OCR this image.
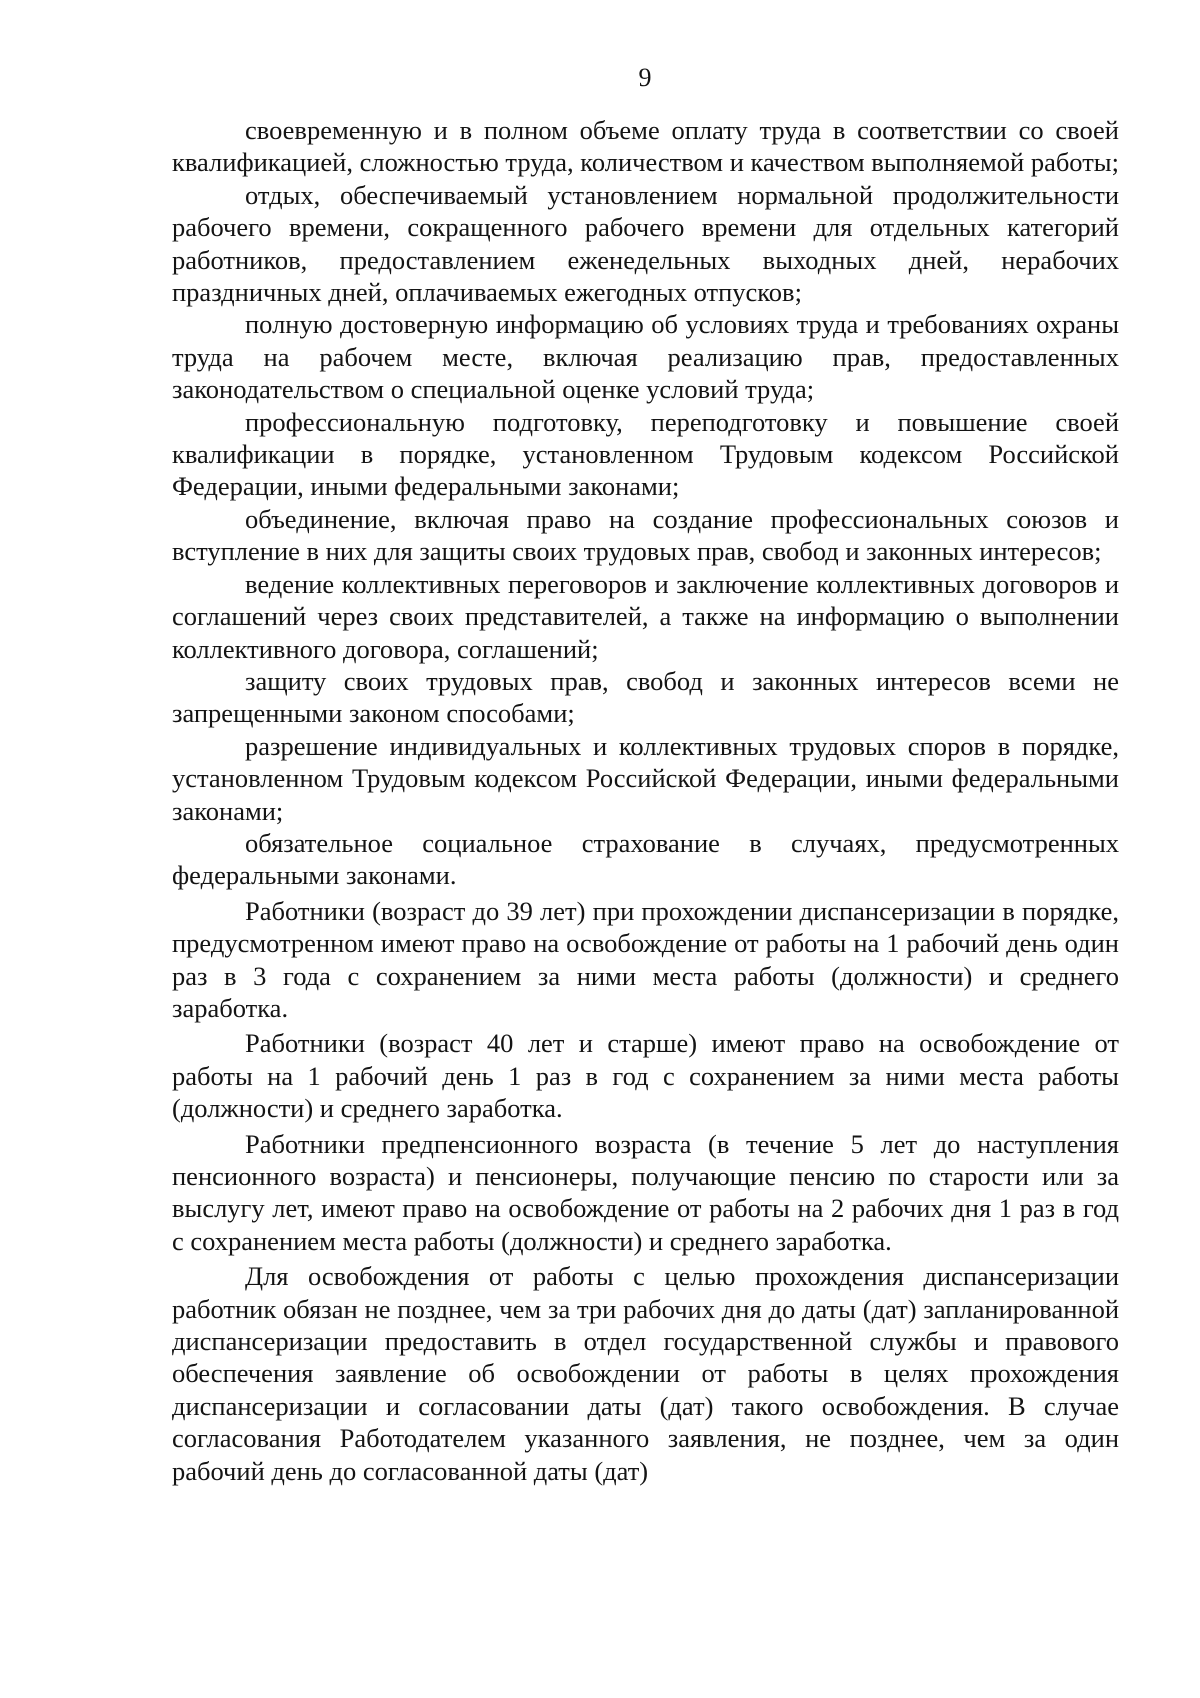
9

своевременную и в полном объеме оплату труда в соответствии со своей квалификацией, сложностью труда, количеством и качеством выполняемой работы;

отдых, обеспечиваемый установлением нормальной продолжительности рабочего времени, сокращенного рабочего времени для отдельных категорий работников, предоставлением еженедельных выходных дней, нерабочих праздничных дней, оплачиваемых ежегодных отпусков;

полную достоверную информацию об условиях труда и требованиях охраны труда на рабочем месте, включая реализацию прав, предоставленных законодательством о специальной оценке условий труда;

профессиональную подготовку, переподготовку и повышение своей квалификации в порядке, установленном Трудовым кодексом Российской Федерации, иными федеральными законами;

объединение, включая право на создание профессиональных союзов и вступление в них для защиты своих трудовых прав, свобод и законных интересов;

ведение коллективных переговоров и заключение коллективных договоров и соглашений через своих представителей, а также на информацию о выполнении коллективного договора, соглашений;

защиту своих трудовых прав, свобод и законных интересов всеми не запрещенными законом способами;

разрешение индивидуальных и коллективных трудовых споров в порядке, установленном Трудовым кодексом Российской Федерации, иными федеральными законами;

обязательное социальное страхование в случаях, предусмотренных федеральными законами.

Работники (возраст до 39 лет) при прохождении диспансеризации в порядке, предусмотренном имеют право на освобождение от работы на 1 рабочий день один раз в 3 года с сохранением за ними места работы (должности) и среднего заработка.

Работники (возраст 40 лет и старше) имеют право на освобождение от работы на 1 рабочий день 1 раз в год с сохранением за ними места работы (должности) и среднего заработка.

Работники предпенсионного возраста (в течение 5 лет до наступления пенсионного возраста) и пенсионеры, получающие пенсию по старости или за выслугу лет, имеют право на освобождение от работы на 2 рабочих дня 1 раз в год с сохранением места работы (должности) и среднего заработка.

Для освобождения от работы с целью прохождения диспансеризации работник обязан не позднее, чем за три рабочих дня до даты (дат) запланированной диспансеризации предоставить в отдел государственной службы и правового обеспечения заявление об освобождении от работы в целях прохождения диспансеризации и согласовании даты (дат) такого освобождения. В случае согласования Работодателем указанного заявления, не позднее, чем за один рабочий день до согласованной даты (дат)
